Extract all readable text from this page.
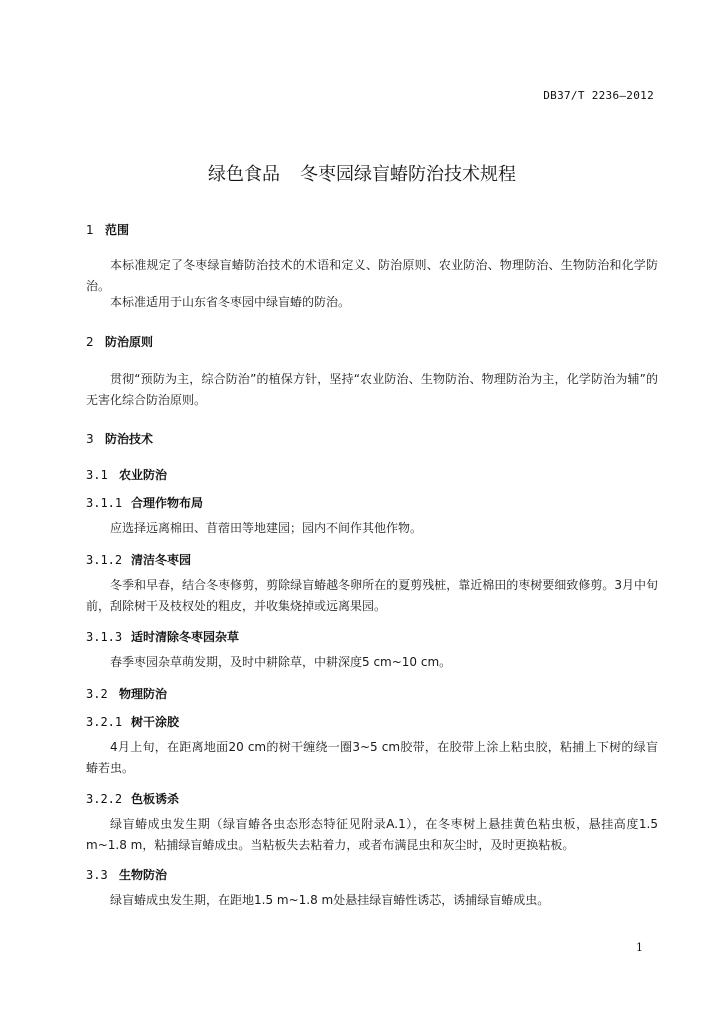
DB37/T 2236—2012
绿色食品 冬枣园绿盲蝽防治技术规程
1 范围
本标准规定了冬枣绿盲蝽防治技术的术语和定义、防治原则、农业防治、物理防治、生物防治和化学防治。
本标准适用于山东省冬枣园中绿盲蝽的防治。
2 防治原则
贯彻“预防为主，综合防治”的植保方针，坚持“农业防治、生物防治、物理防治为主，化学防治为辅”的无害化综合防治原则。
3 防治技术
3.1 农业防治
3.1.1 合理作物布局
应选择远离棉田、苜蓿田等地建园；园内不间作其他作物。
3.1.2 清洁冬枣园
冬季和早春，结合冬枣修剪，剪除绿盲蝽越冬卵所在的夏剪残桩，靠近棉田的枣树要细致修剪。3月中旬前，刮除树干及枝杈处的粗皮，并收集烧掉或远离果园。
3.1.3 适时清除冬枣园杂草
春季枣园杂草萌发期，及时中耕除草，中耕深度5 cm~10 cm。
3.2 物理防治
3.2.1 树干涂胶
4月上旬，在距离地面20 cm的树干缠绕一圈3~5 cm胶带，在胶带上涂上粘虫胶，粘捕上下树的绿盲蝽若虫。
3.2.2 色板诱杀
绿盲蝽成虫发生期（绿盲蝽各虫态形态特征见附录A.1），在冬枣树上悬挂黄色粘虫板，悬挂高度1.5 m~1.8 m，粘捕绿盲蝽成虫。当粘板失去粘着力，或者布满昆虫和灰尘时，及时更换粘板。
3.3 生物防治
绿盲蝽成虫发生期，在距地1.5 m~1.8 m处悬挂绿盲蝽性诱芯，诱捕绿盲蝽成虫。
1
